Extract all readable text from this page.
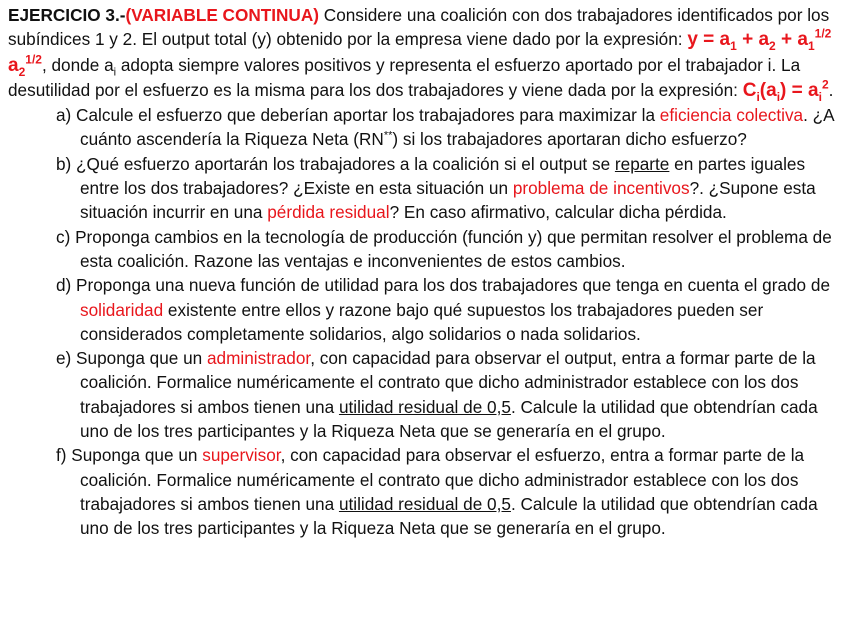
EJERCICIO 3.-(VARIABLE CONTINUA) Considere una coalición con dos trabajadores identificados por los subíndices 1 y 2. El output total (y) obtenido por la empresa viene dado por la expresión: $y = a_1 + a_2 + a_1^{1/2}$ $a_2^{1/2}$, donde $a_i$ adopta siempre valores positivos y representa el esfuerzo aportado por el trabajador i. La desutilidad por el esfuerzo es la misma para los dos trabajadores y viene dada por la expresión: $C_i(a_i) = a_i^2$.

a) Calcule el esfuerzo que deberían aportar los trabajadores para maximizar la eficiencia colectiva. ¿A cuánto ascendería la Riqueza Neta (RN**) si los trabajadores aportaran dicho esfuerzo?
b) ¿Qué esfuerzo aportarán los trabajadores a la coalición si el output se reparte en partes iguales entre los dos trabajadores? ¿Existe en esta situación un problema de incentivos?. ¿Supone esta situación incurrir en una pérdida residual? En caso afirmativo, calcular dicha pérdida.
c) Proponga cambios en la tecnología de producción (función y) que permitan resolver el problema de esta coalición. Razone las ventajas e inconvenientes de estos cambios.
d) Proponga una nueva función de utilidad para los dos trabajadores que tenga en cuenta el grado de solidaridad existente entre ellos y razone bajo qué supuestos los trabajadores pueden ser considerados completamente solidarios, algo solidarios o nada solidarios.
e) Suponga que un administrador, con capacidad para observar el output, entra a formar parte de la coalición. Formalice numéricamente el contrato que dicho administrador establece con los dos trabajadores si ambos tienen una utilidad residual de 0,5. Calcule la utilidad que obtendrían cada uno de los tres participantes y la Riqueza Neta que se generaría en el grupo.
f) Suponga que un supervisor, con capacidad para observar el esfuerzo, entra a formar parte de la coalición. Formalice numéricamente el contrato que dicho administrador establece con los dos trabajadores si ambos tienen una utilidad residual de 0,5. Calcule la utilidad que obtendrían cada uno de los tres participantes y la Riqueza Neta que se generaría en el grupo.
